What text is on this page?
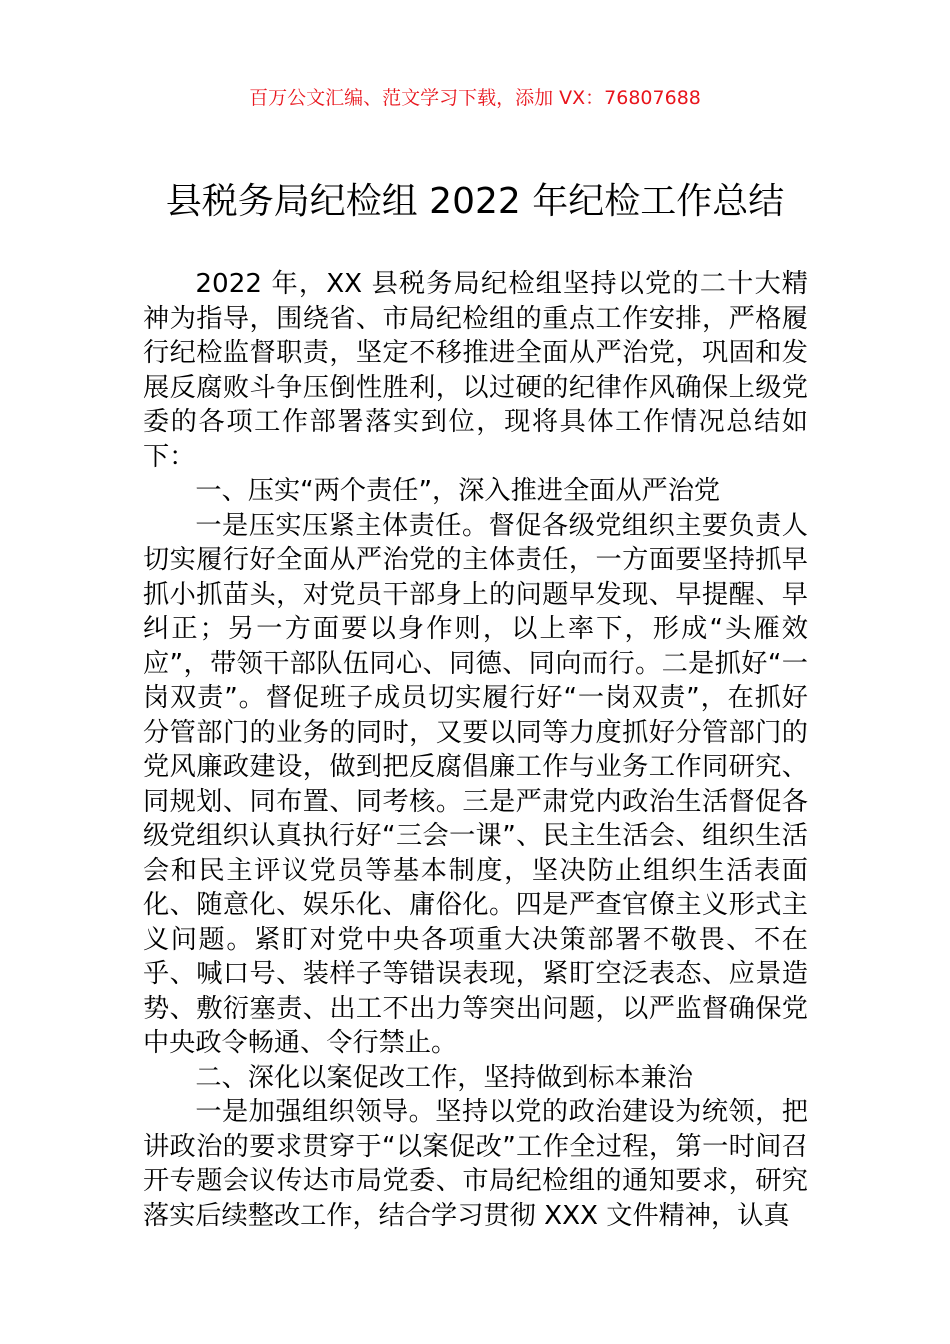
百万公文汇编、范文学习下载，添加 VX：76807688
县税务局纪检组 2022 年纪检工作总结

2022 年，XX 县税务局纪检组坚持以党的二十大精神为指导，围绕省、市局纪检组的重点工作安排，严格履行纪检监督职责，坚定不移推进全面从严治党，巩固和发展反腐败斗争压倒性胜利，以过硬的纪律作风确保上级党委的各项工作部署落实到位，现将具体工作情况总结如下：

一、压实“两个责任”，深入推进全面从严治党

一是压实压紧主体责任。督促各级党组织主要负责人切实履行好全面从严治党的主体责任，一方面要坚持抓早抓小抓苗头，对党员干部身上的问题早发现、早提醒、早纠正；另一方面要以身作则，以上率下，形成“头雁效应”，带领干部队伍同心、同德、同向而行。二是抓好“一岗双责”。督促班子成员切实履行好“一岗双责”，在抓好分管部门的业务的同时，又要以同等力度抓好分管部门的党风廉政建设，做到把反腐倡廉工作与业务工作同研究、同规划、同布置、同考核。三是严肃党内政治生活督促各级党组织认真执行好“三会一课”、民主生活会、组织生活会和民主评议党员等基本制度，坚决防止组织生活表面化、随意化、娱乐化、庸俗化。四是严查官僚主义形式主义问题。紧盯对党中央各项重大决策部署不敬畏、不在乎、喊口号、装样子等错误表现，紧盯空泛表态、应景造势、敷衍塞责、出工不出力等突出问题，以严监督确保党中央政令畅通、令行禁止。

二、深化以案促改工作，坚持做到标本兼治

一是加强组织领导。坚持以党的政治建设为统领，把讲政治的要求贯穿于“以案促改”工作全过程，第一时间召开专题会议传达市局党委、市局纪检组的通知要求，研究落实后续整改工作，结合学习贯彻 XXX 文件精神，认真
